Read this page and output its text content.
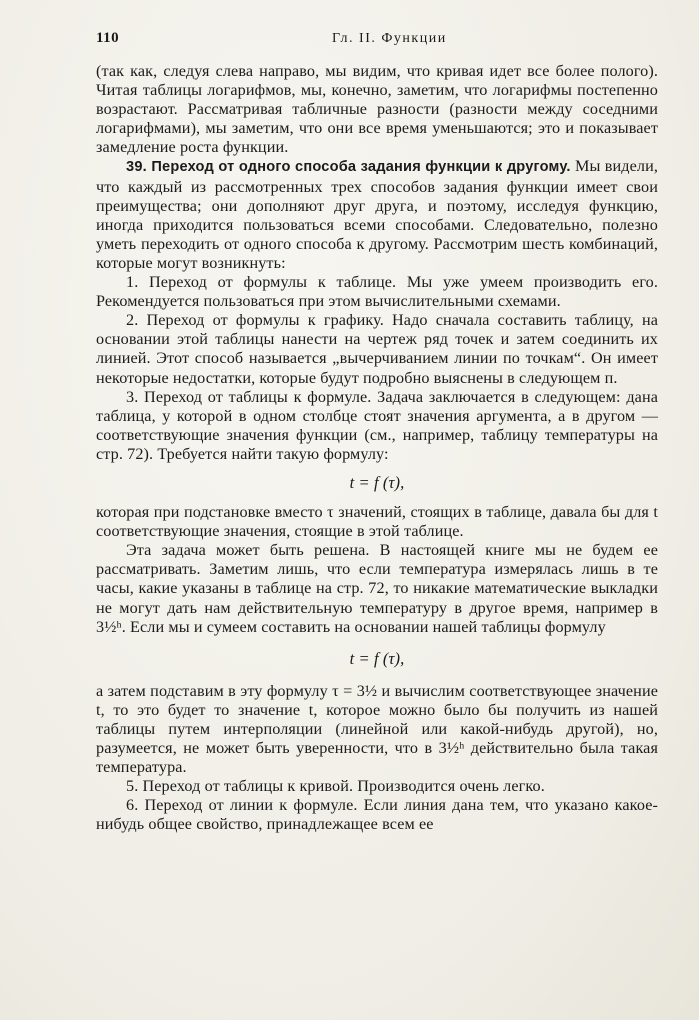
110	Гл. II. Функции

(так как, следуя слева направо, мы видим, что кривая идет все более полого). Читая таблицы логарифмов, мы, конечно, заметим, что логарифмы постепенно возрастают. Рассматривая табличные разности (разности между соседними логарифмами), мы заметим, что они все время уменьшаются; это и показывает замедление роста функции.

39. Переход от одного способа задания функции к другому. Мы видели, что каждый из рассмотренных трех способов задания функции имеет свои преимущества; они дополняют друг друга, и поэтому, исследуя функцию, иногда приходится пользоваться всеми способами. Следовательно, полезно уметь переходить от одного способа к другому. Рассмотрим шесть комбинаций, которые могут возникнуть:

1. Переход от формулы к таблице. Мы уже умеем производить его. Рекомендуется пользоваться при этом вычислительными схемами.

2. Переход от формулы к графику. Надо сначала составить таблицу, на основании этой таблицы нанести на чертеж ряд точек и затем соединить их линией. Этот способ называется „вычерчиванием линии по точкам“. Он имеет некоторые недостатки, которые будут подробно выяснены в следующем п.

3. Переход от таблицы к формуле. Задача заключается в следующем: дана таблица, у которой в одном столбце стоят значения аргумента, а в другом — соответствующие значения функции (см., например, таблицу температуры на стр. 72). Требуется найти такую формулу:

t = f (τ),

которая при подстановке вместо τ значений, стоящих в таблице, давала бы для t соответствующие значения, стоящие в этой таблице.

Эта задача может быть решена. В настоящей книге мы не будем ее рассматривать. Заметим лишь, что если температура измерялась лишь в те часы, какие указаны в таблице на стр. 72, то никакие математические выкладки не могут дать нам действительную температуру в другое время, например в 3½ʰ. Если мы и сумеем составить на основании нашей таблицы формулу

t = f (τ),

а затем подставим в эту формулу τ = 3½ и вычислим соответствующее значение t, то это будет то значение t, которое можно было бы получить из нашей таблицы путем интерполяции (линейной или какой-нибудь другой), но, разумеется, не может быть уверенности, что в 3½ʰ действительно была такая температура.

5. Переход от таблицы к кривой. Производится очень легко.

6. Переход от линии к формуле. Если линия дана тем, что указано какое-нибудь общее свойство, принадлежащее всем ее
